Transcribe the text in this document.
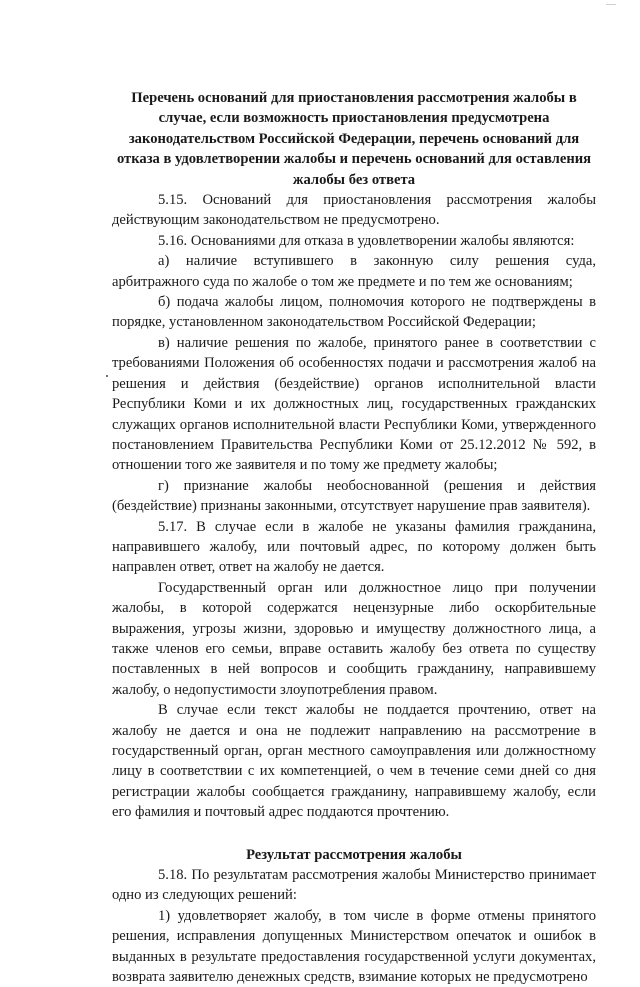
Перечень оснований для приостановления рассмотрения жалобы в случае, если возможность приостановления предусмотрена законодательством Российской Федерации, перечень оснований для отказа в удовлетворении жалобы и перечень оснований для оставления жалобы без ответа

5.15. Оснований для приостановления рассмотрения жалобы действующим законодательством не предусмотрено.

5.16. Основаниями для отказа в удовлетворении жалобы являются:

а) наличие вступившего в законную силу решения суда, арбитражного суда по жалобе о том же предмете и по тем же основаниям;

б) подача жалобы лицом, полномочия которого не подтверждены в порядке, установленном законодательством Российской Федерации;

в) наличие решения по жалобе, принятого ранее в соответствии с требованиями Положения об особенностях подачи и рассмотрения жалоб на решения и действия (бездействие) органов исполнительной власти Республики Коми и их должностных лиц, государственных гражданских служащих органов исполнительной власти Республики Коми, утвержденного постановлением Правительства Республики Коми от 25.12.2012 № 592, в отношении того же заявителя и по тому же предмету жалобы;

г) признание жалобы необоснованной (решения и действия (бездействие) признаны законными, отсутствует нарушение прав заявителя).

5.17. В случае если в жалобе не указаны фамилия гражданина, направившего жалобу, или почтовый адрес, по которому должен быть направлен ответ, ответ на жалобу не дается.

Государственный орган или должностное лицо при получении жалобы, в которой содержатся нецензурные либо оскорбительные выражения, угрозы жизни, здоровью и имуществу должностного лица, а также членов его семьи, вправе оставить жалобу без ответа по существу поставленных в ней вопросов и сообщить гражданину, направившему жалобу, о недопустимости злоупотребления правом.

В случае если текст жалобы не поддается прочтению, ответ на жалобу не дается и она не подлежит направлению на рассмотрение в государственный орган, орган местного самоуправления или должностному лицу в соответствии с их компетенцией, о чем в течение семи дней со дня регистрации жалобы сообщается гражданину, направившему жалобу, если его фамилия и почтовый адрес поддаются прочтению.

Результат рассмотрения жалобы

5.18. По результатам рассмотрения жалобы Министерство принимает одно из следующих решений:

1) удовлетворяет жалобу, в том числе в форме отмены принятого решения, исправления допущенных Министерством опечаток и ошибок в выданных в результате предоставления государственной услуги документах, возврата заявителю денежных средств, взимание которых не предусмотрено
